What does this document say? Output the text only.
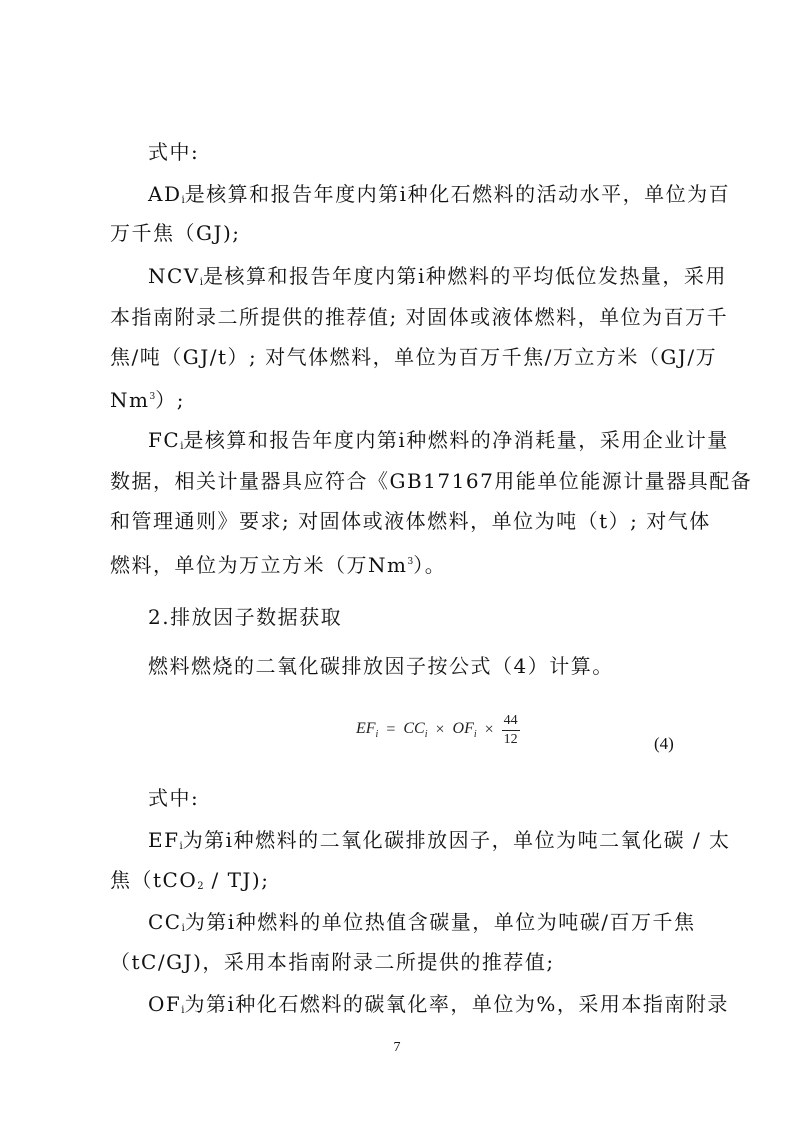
式中:
$AD_i$是核算和报告年度内第i种化石燃料的活动水平，单位为百
万千焦（GJ);
$NCV_i$是核算和报告年度内第i种燃料的平均低位发热量，采用
本指南附录二所提供的推荐值; 对固体或液体燃料，单位为百万千
焦/吨（GJ/t）; 对气体燃料，单位为百万千焦/万立方米（GJ/万
Nm$^3$）;
$FC_i$是核算和报告年度内第i种燃料的净消耗量，采用企业计量
数据，相关计量器具应符合《GB17167用能单位能源计量器具配备
和管理通则》要求; 对固体或液体燃料，单位为吨（t）; 对气体
燃料，单位为万立方米（万Nm$^3$）。
2.排放因子数据获取
燃料燃烧的二氧化碳排放因子按公式（4）计算。
$EF_i = CC_i \times OF_i \times \frac{44}{12}$	(4)
式中:
$EF_i$为第i种燃料的二氧化碳排放因子，单位为吨二氧化碳 / 太
焦（tCO$_2$ / TJ);
$CC_i$为第i种燃料的单位热值含碳量，单位为吨碳/百万千焦
（tC/GJ)，采用本指南附录二所提供的推荐值;
$OF_i$为第i种化石燃料的碳氧化率，单位为%，采用本指南附录
7
